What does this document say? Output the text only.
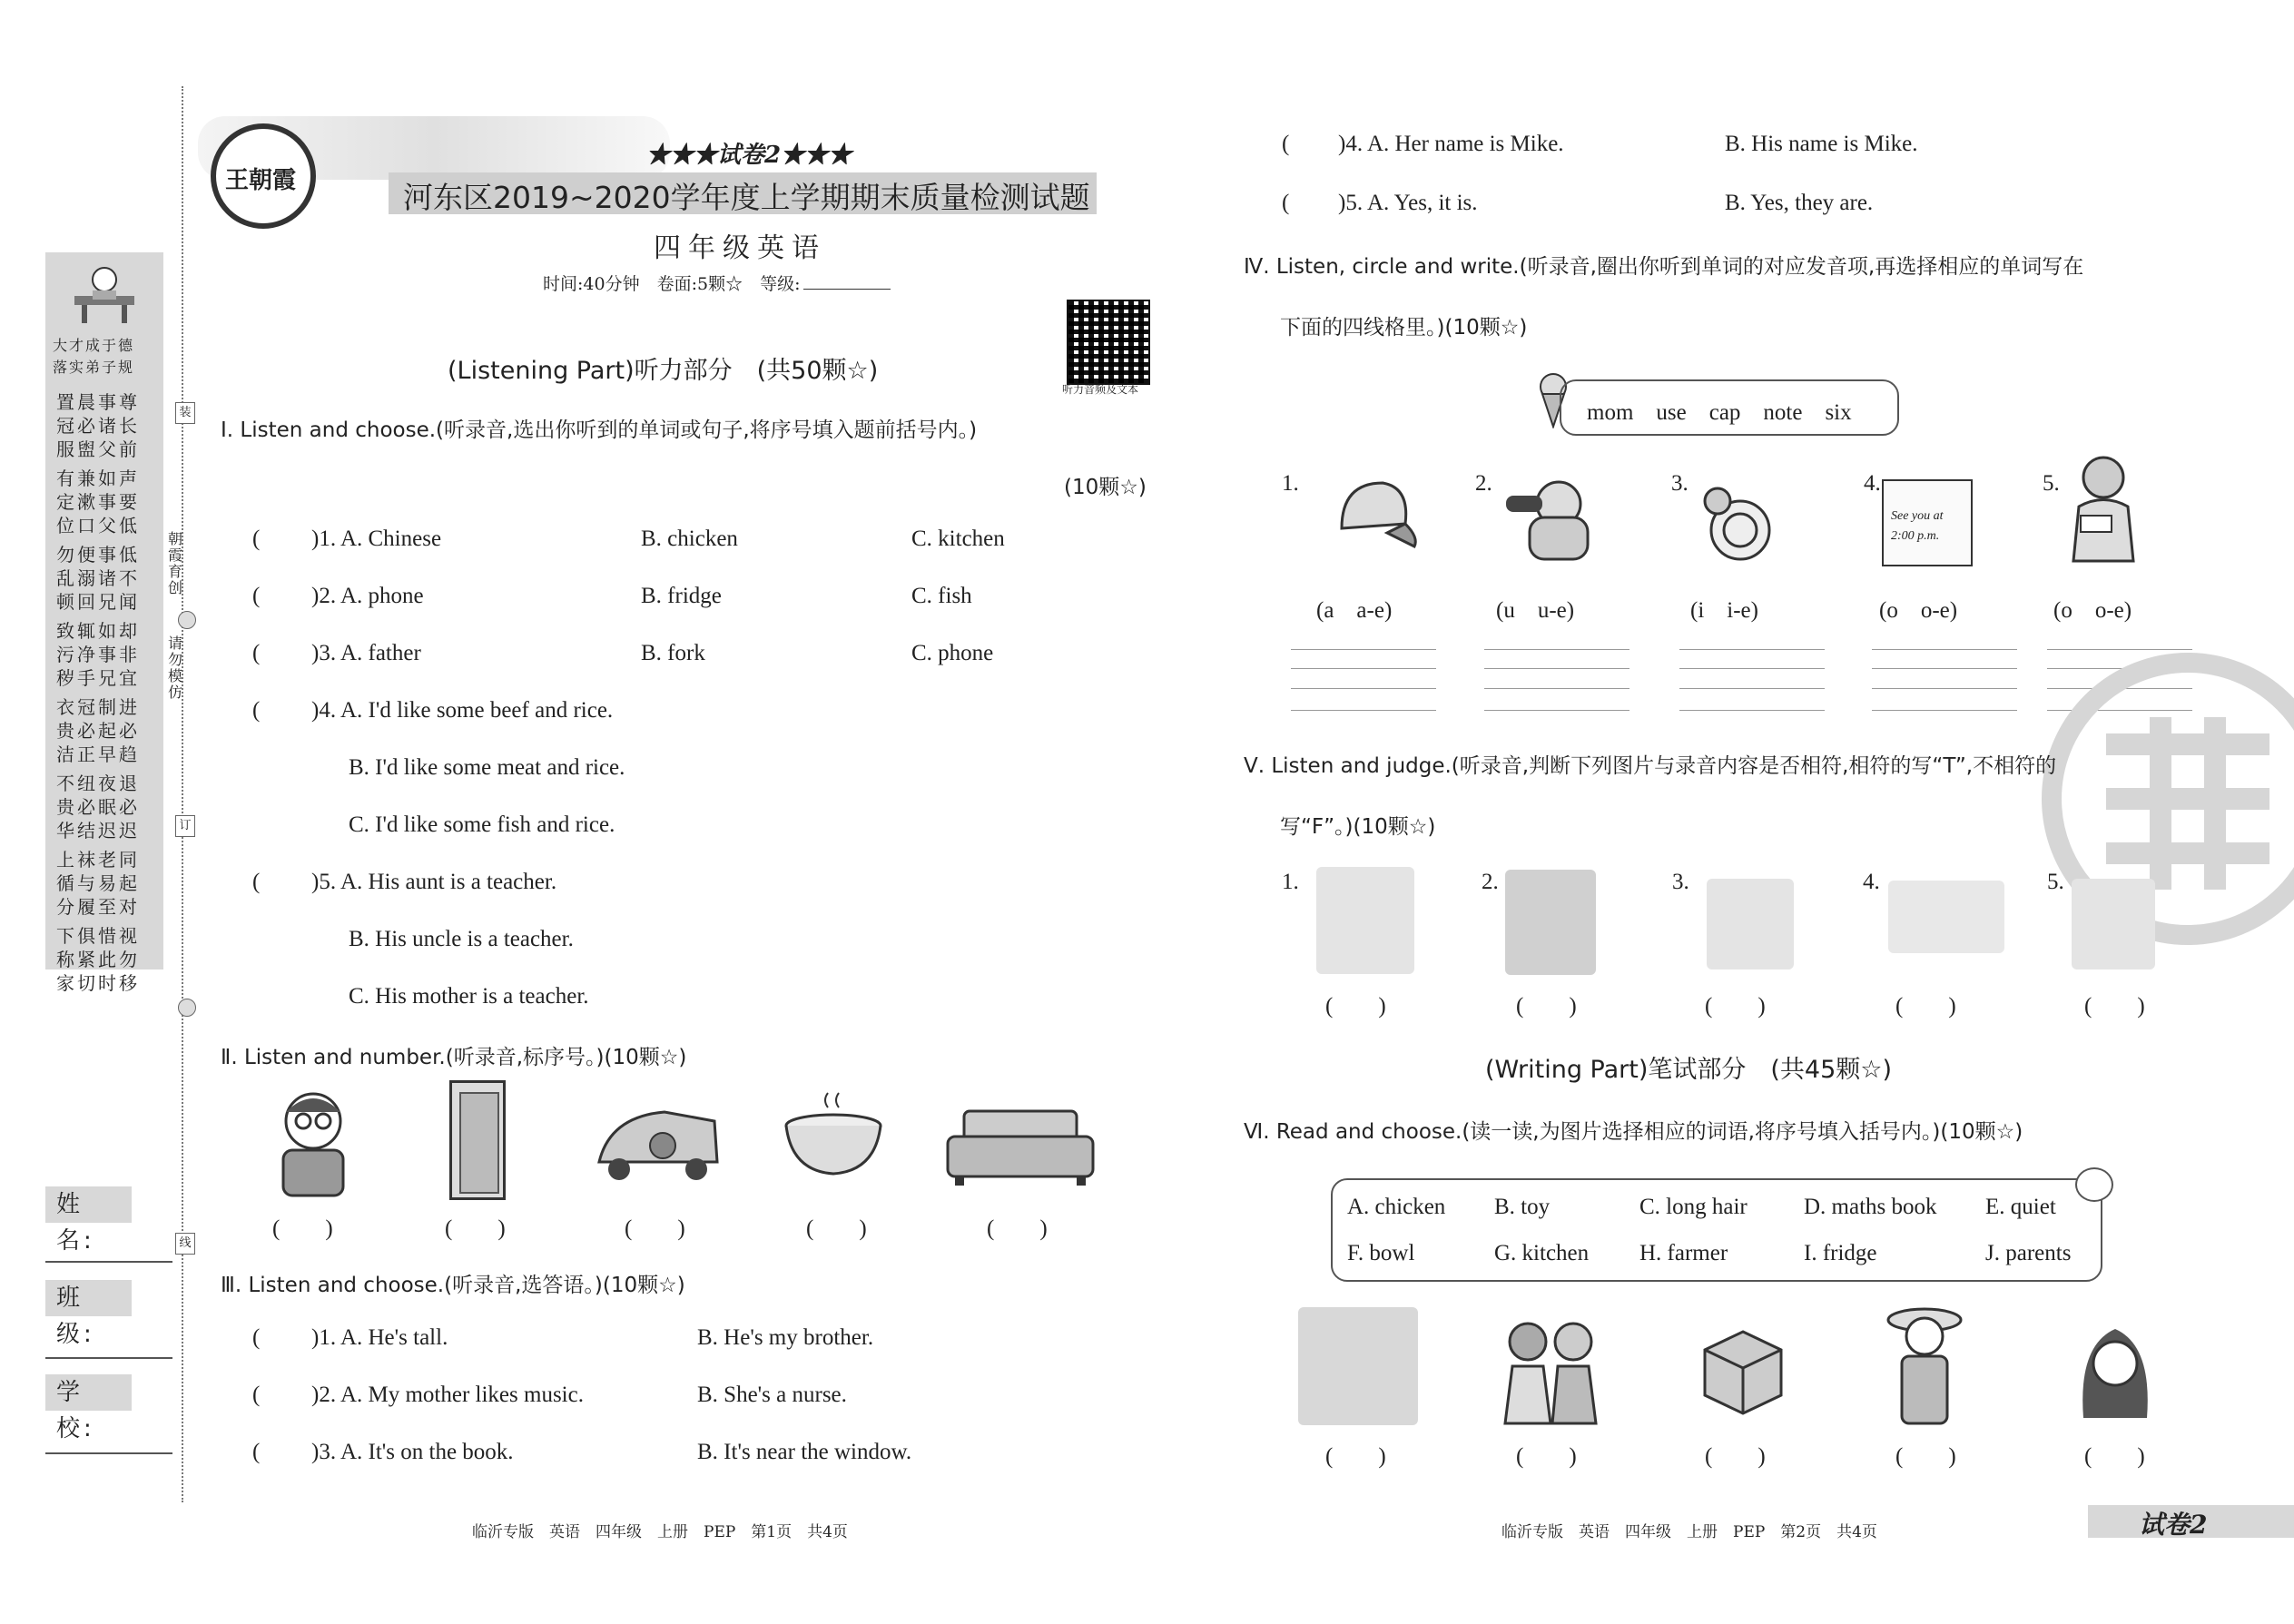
大才成于德
落实弟子规
置晨事尊
冠必诸长
服盥父前
有兼如声
定漱事要
位口父低
勿便事低
乱溺诸不
顿回兄闻
致辄如却
污净事非
秽手兄宜
衣冠制进
贵必起必
洁正早趋
不纽夜退
贵必眠必
华结迟迟
上袜老同
循与易起
分履至对
下俱惜视
称紧此勿
家切时移
装
订
线
朝霞育创
请勿模仿
姓 名:
班 级:
学 校:
王朝霞
★★★试卷2★★★
河东区2019~2020学年度上学期期末质量检测试题
四年级英语
时间:40分钟　卷面:5颗☆　等级:
听力音频及文本
(Listening Part)听力部分　(共50颗☆)
Ⅰ. Listen and choose.(听录音,选出你听到的单词或句子,将序号填入题前括号内。)
(10颗☆)
( )1. A. Chinese	B. chicken	C. kitchen
( )2. A. phone	B. fridge	C. fish
( )3. A. father	B. fork	C. phone
( )4. A. I'd like some beef and rice.
B. I'd like some meat and rice.
C. I'd like some fish and rice.
( )5. A. His aunt is a teacher.
B. His uncle is a teacher.
C. His mother is a teacher.
Ⅱ. Listen and number.(听录音,标序号。)(10颗☆)
(　　)	(　　)	(　　)	(　　)	(　　)
Ⅲ. Listen and choose.(听录音,选答语。)(10颗☆)
( )1. A. He's tall.	B. He's my brother.
( )2. A. My mother likes music.	B. She's a nurse.
( )3. A. It's on the book.	B. It's near the window.
临沂专版　英语　四年级　上册　PEP　第1页　共4页
( )4. A. Her name is Mike.	B. His name is Mike.
( )5. A. Yes, it is.	B. Yes, they are.
Ⅳ. Listen, circle and write.(听录音,圈出你听到单词的对应发音项,再选择相应的单词写在
下面的四线格里。)(10颗☆)
mom　use　cap　note　six
1.	2.	3.	4.	5.
See you at 2:00 p.m.
(a　a-e)	(u　u-e)	(i　i-e)	(o　o-e)	(o　o-e)
Ⅴ. Listen and judge.(听录音,判断下列图片与录音内容是否相符,相符的写“T”,不相符的
写“F”。)(10颗☆)
1.	2.	3.	4.	5.
(　　)	(　　)	(　　)	(　　)	(　　)
(Writing Part)笔试部分　(共45颗☆)
Ⅵ. Read and choose.(读一读,为图片选择相应的词语,将序号填入括号内。)(10颗☆)
A. chicken B. toy	C. long hair D. maths book E. quiet
F. bowl	G. kitchen H. farmer	I. fridge	J. parents
(　　)	(　　)	(　　)	(　　)	(　　)
临沂专版　英语　四年级　上册　PEP　第2页　共4页	试卷2
